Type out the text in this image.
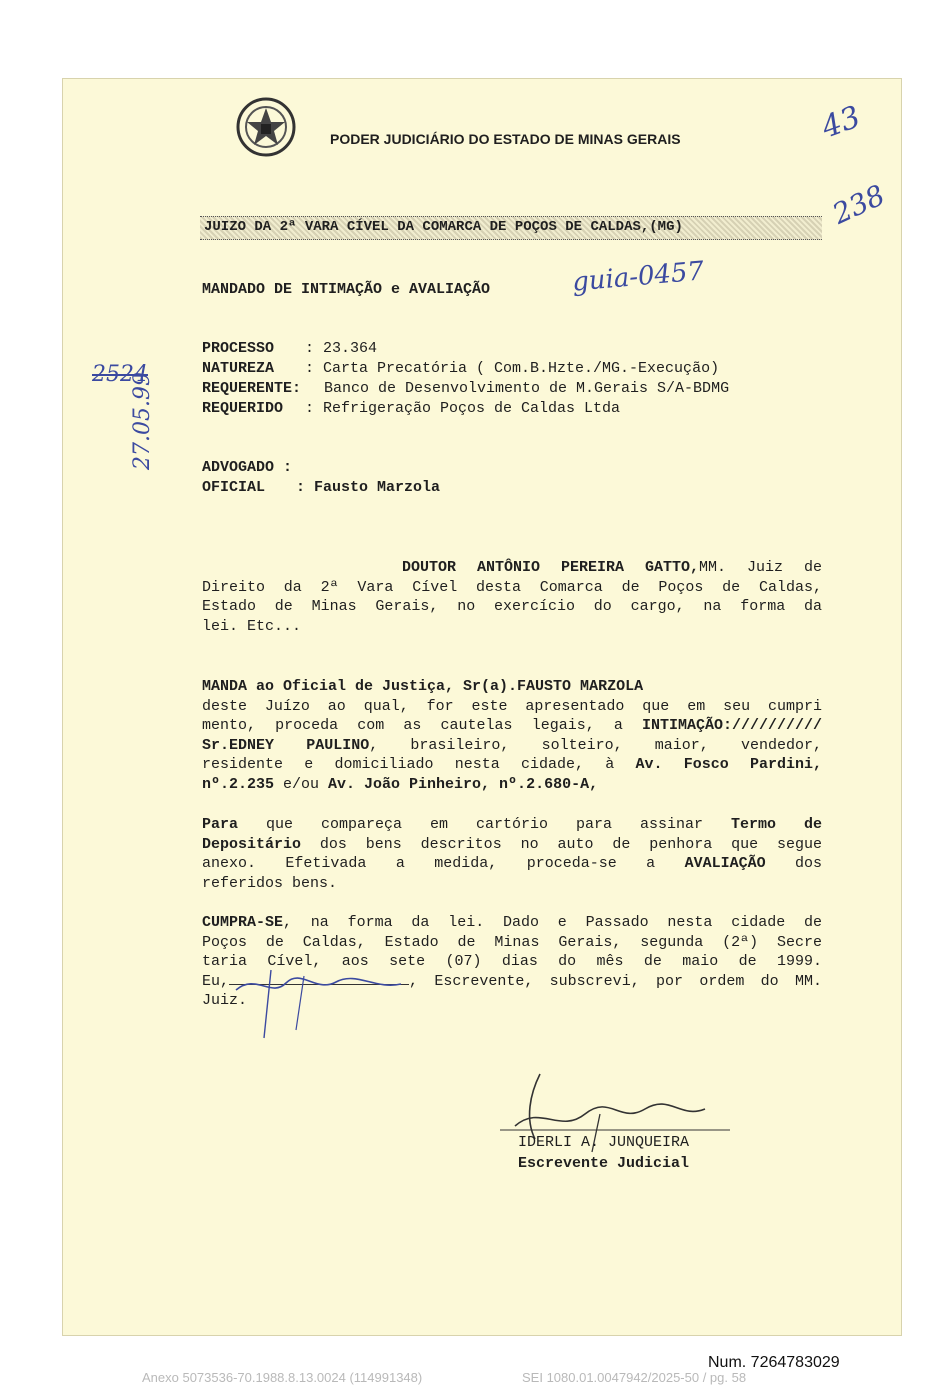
PODER JUDICIÁRIO DO ESTADO DE MINAS GERAIS
JUIZO DA 2ª VARA CÍVEL DA COMARCA DE POÇOS DE CALDAS,(MG)
MANDADO DE INTIMAÇÃO e AVALIAÇÃO	guia-0457
PROCESSO : 23.364
NATUREZA : Carta Precatória ( Com.B.Hzte./MG.-Execução)
REQUERENTE: Banco de Desenvolvimento de M.Gerais S/A-BDMG
REQUERIDO : Refrigeração Poços de Caldas Ltda
ADVOGADO :
OFICIAL : Fausto Marzola
2524
27.05.99
43
238
DOUTOR ANTÔNIO PEREIRA GATTO,MM. Juiz de
Direito da 2ª Vara Cível desta Comarca de Poços de Caldas,
Estado de Minas Gerais, no exercício do cargo, na forma da
lei. Etc...
MANDA ao Oficial de Justiça, Sr(a).FAUSTO MARZOLA
deste Juízo ao qual, for este apresentado que em seu cumpri
mento, proceda com as cautelas legais, a INTIMAÇÃO://////////
Sr.EDNEY PAULINO, brasileiro, solteiro, maior, vendedor,
residente e domiciliado nesta cidade, à Av. Fosco Pardini,
nº.2.235 e/ou Av. João Pinheiro, nº.2.680-A,
Para que compareça em cartório para assinar Termo de
Depositário dos bens descritos no auto de penhora que segue
anexo. Efetivada a medida, proceda-se a AVALIAÇÃO dos
referidos bens.
CUMPRA-SE, na forma da lei. Dado e Passado nesta cidade de
Poços de Caldas, Estado de Minas Gerais, segunda (2ª) Secre
taria Cível, aos sete (07) dias do mês de maio de 1999.
Eu,	, Escrevente, subscrevi, por ordem do MM.
Juiz.
IDERLI A. JUNQUEIRA
Escrevente Judicial
Num. 7264783029
Anexo 5073536-70.1988.8.13.0024 (114991348)	SEI 1080.01.0047942/2025-50 / pg. 58
